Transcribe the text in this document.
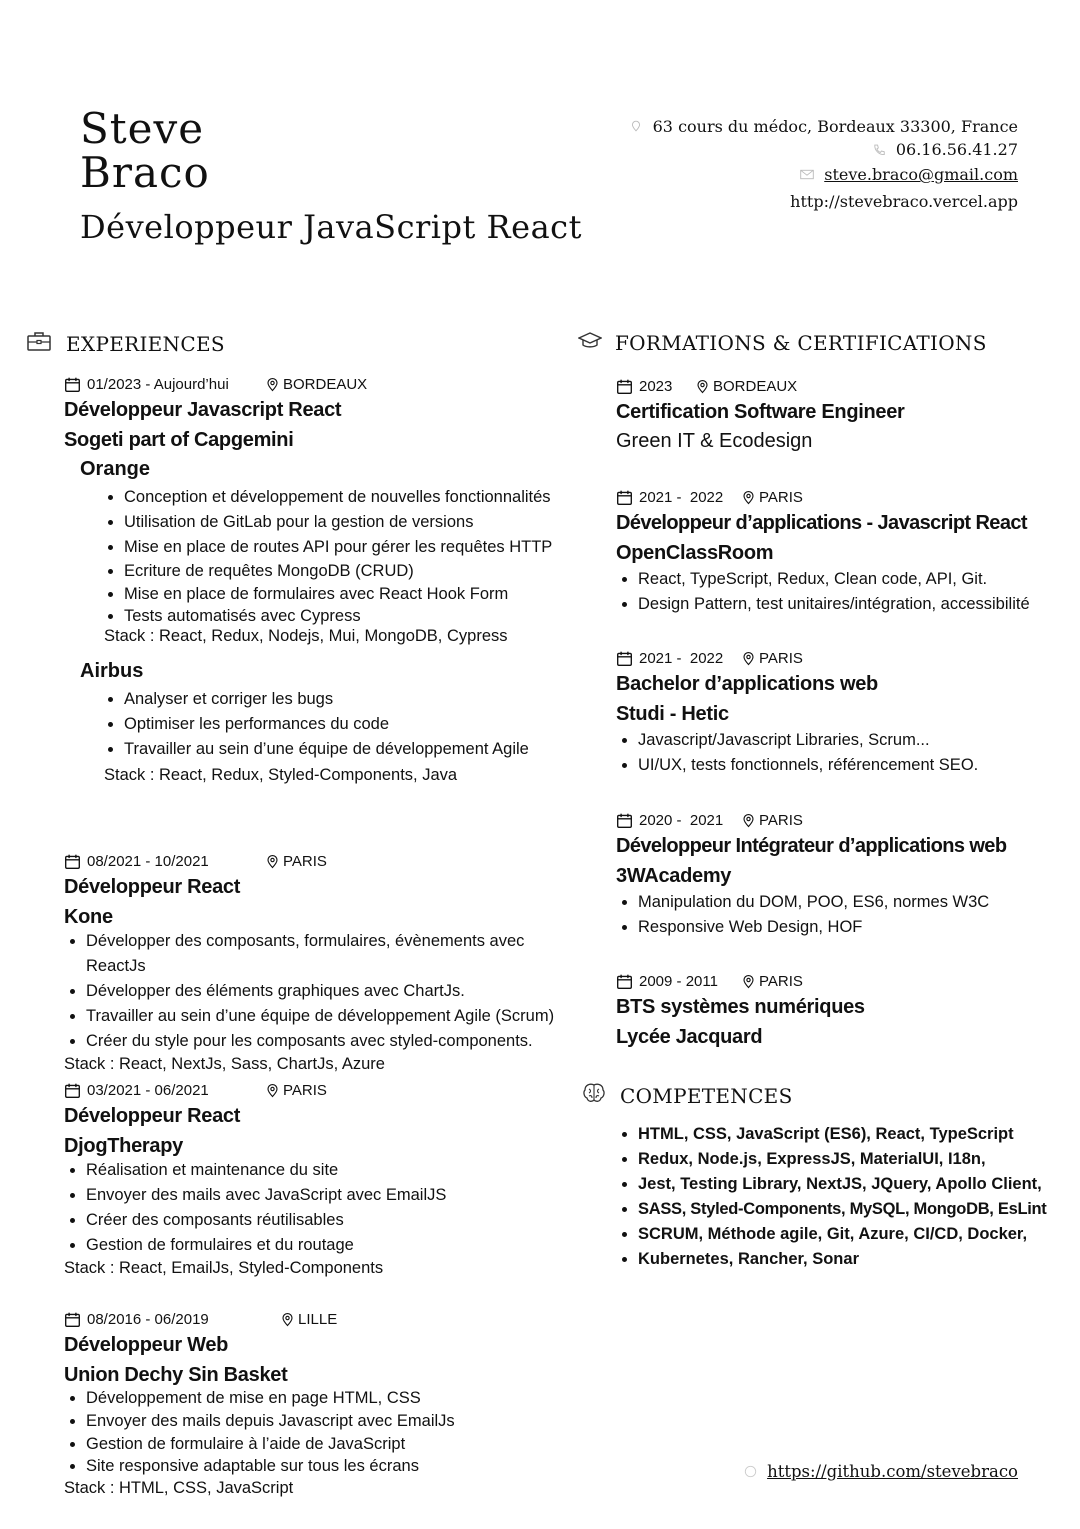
Steve
Braco
Développeur JavaScript React
63 cours du médoc, Bordeaux 33300, France
06.16.56.41.27
steve.braco@gmail.com
http://stevebraco.vercel.app
EXPERIENCES
01/2023 - Aujourd’hui	BORDEAUX
Développeur Javascript React
Sogeti part of Capgemini
Orange
• Conception et développement de nouvelles fonctionnalités
• Utilisation de GitLab pour la gestion de versions
• Mise en place de routes API pour gérer les requêtes HTTP
• Ecriture de requêtes MongoDB (CRUD)
• Mise en place de formulaires avec React Hook Form
• Tests automatisés avec Cypress
Stack : React, Redux, Nodejs, Mui, MongoDB, Cypress
Airbus
• Analyser et corriger les bugs
• Optimiser les performances du code
• Travailler au sein d’une équipe de développement Agile
Stack : React, Redux, Styled-Components, Java
08/2021 - 10/2021	PARIS
Développeur React
Kone
• Développer des composants, formulaires, évènements avec ReactJs
• Développer des éléments graphiques avec ChartJs.
• Travailler au sein d’une équipe de développement Agile (Scrum)
• Créer du style pour les composants avec styled-components.
Stack : React, NextJs, Sass, ChartJs, Azure
03/2021 - 06/2021	PARIS
Développeur React
DjogTherapy
• Réalisation et maintenance du site
• Envoyer des mails avec JavaScript avec EmailJS
• Créer des composants réutilisables
• Gestion de formulaires et du routage
Stack : React, EmailJs, Styled-Components
08/2016 - 06/2019	LILLE
Développeur Web
Union Dechy Sin Basket
• Développement de mise en page HTML, CSS
• Envoyer des mails depuis Javascript avec EmailJs
• Gestion de formulaire à l’aide de JavaScript
• Site responsive adaptable sur tous les écrans
Stack : HTML, CSS, JavaScript
FORMATIONS & CERTIFICATIONS
2023	BORDEAUX
Certification Software Engineer
Green IT & Ecodesign
2021 -  2022	PARIS
Développeur d’applications - Javascript React
OpenClassRoom
• React, TypeScript, Redux, Clean code, API, Git.
• Design Pattern, test unitaires/intégration, accessibilité
2021 -  2022	PARIS
Bachelor d’applications web
Studi - Hetic
• Javascript/Javascript Libraries, Scrum...
• UI/UX, tests fonctionnels, référencement SEO.
2020 -  2021	PARIS
Développeur Intégrateur d’applications web
3WAcademy
• Manipulation du DOM, POO, ES6, normes W3C
• Responsive Web Design, HOF
2009 - 2011	PARIS
BTS systèmes numériques
Lycée Jacquard
COMPETENCES
• HTML, CSS, JavaScript (ES6), React, TypeScript
• Redux, Node.js, ExpressJS, MaterialUI, I18n,
• Jest, Testing Library, NextJS, JQuery, Apollo Client,
• SASS, Styled-Components, MySQL, MongoDB, EsLint
• SCRUM, Méthode agile, Git, Azure, CI/CD, Docker,
• Kubernetes, Rancher, Sonar
https://github.com/stevebraco
